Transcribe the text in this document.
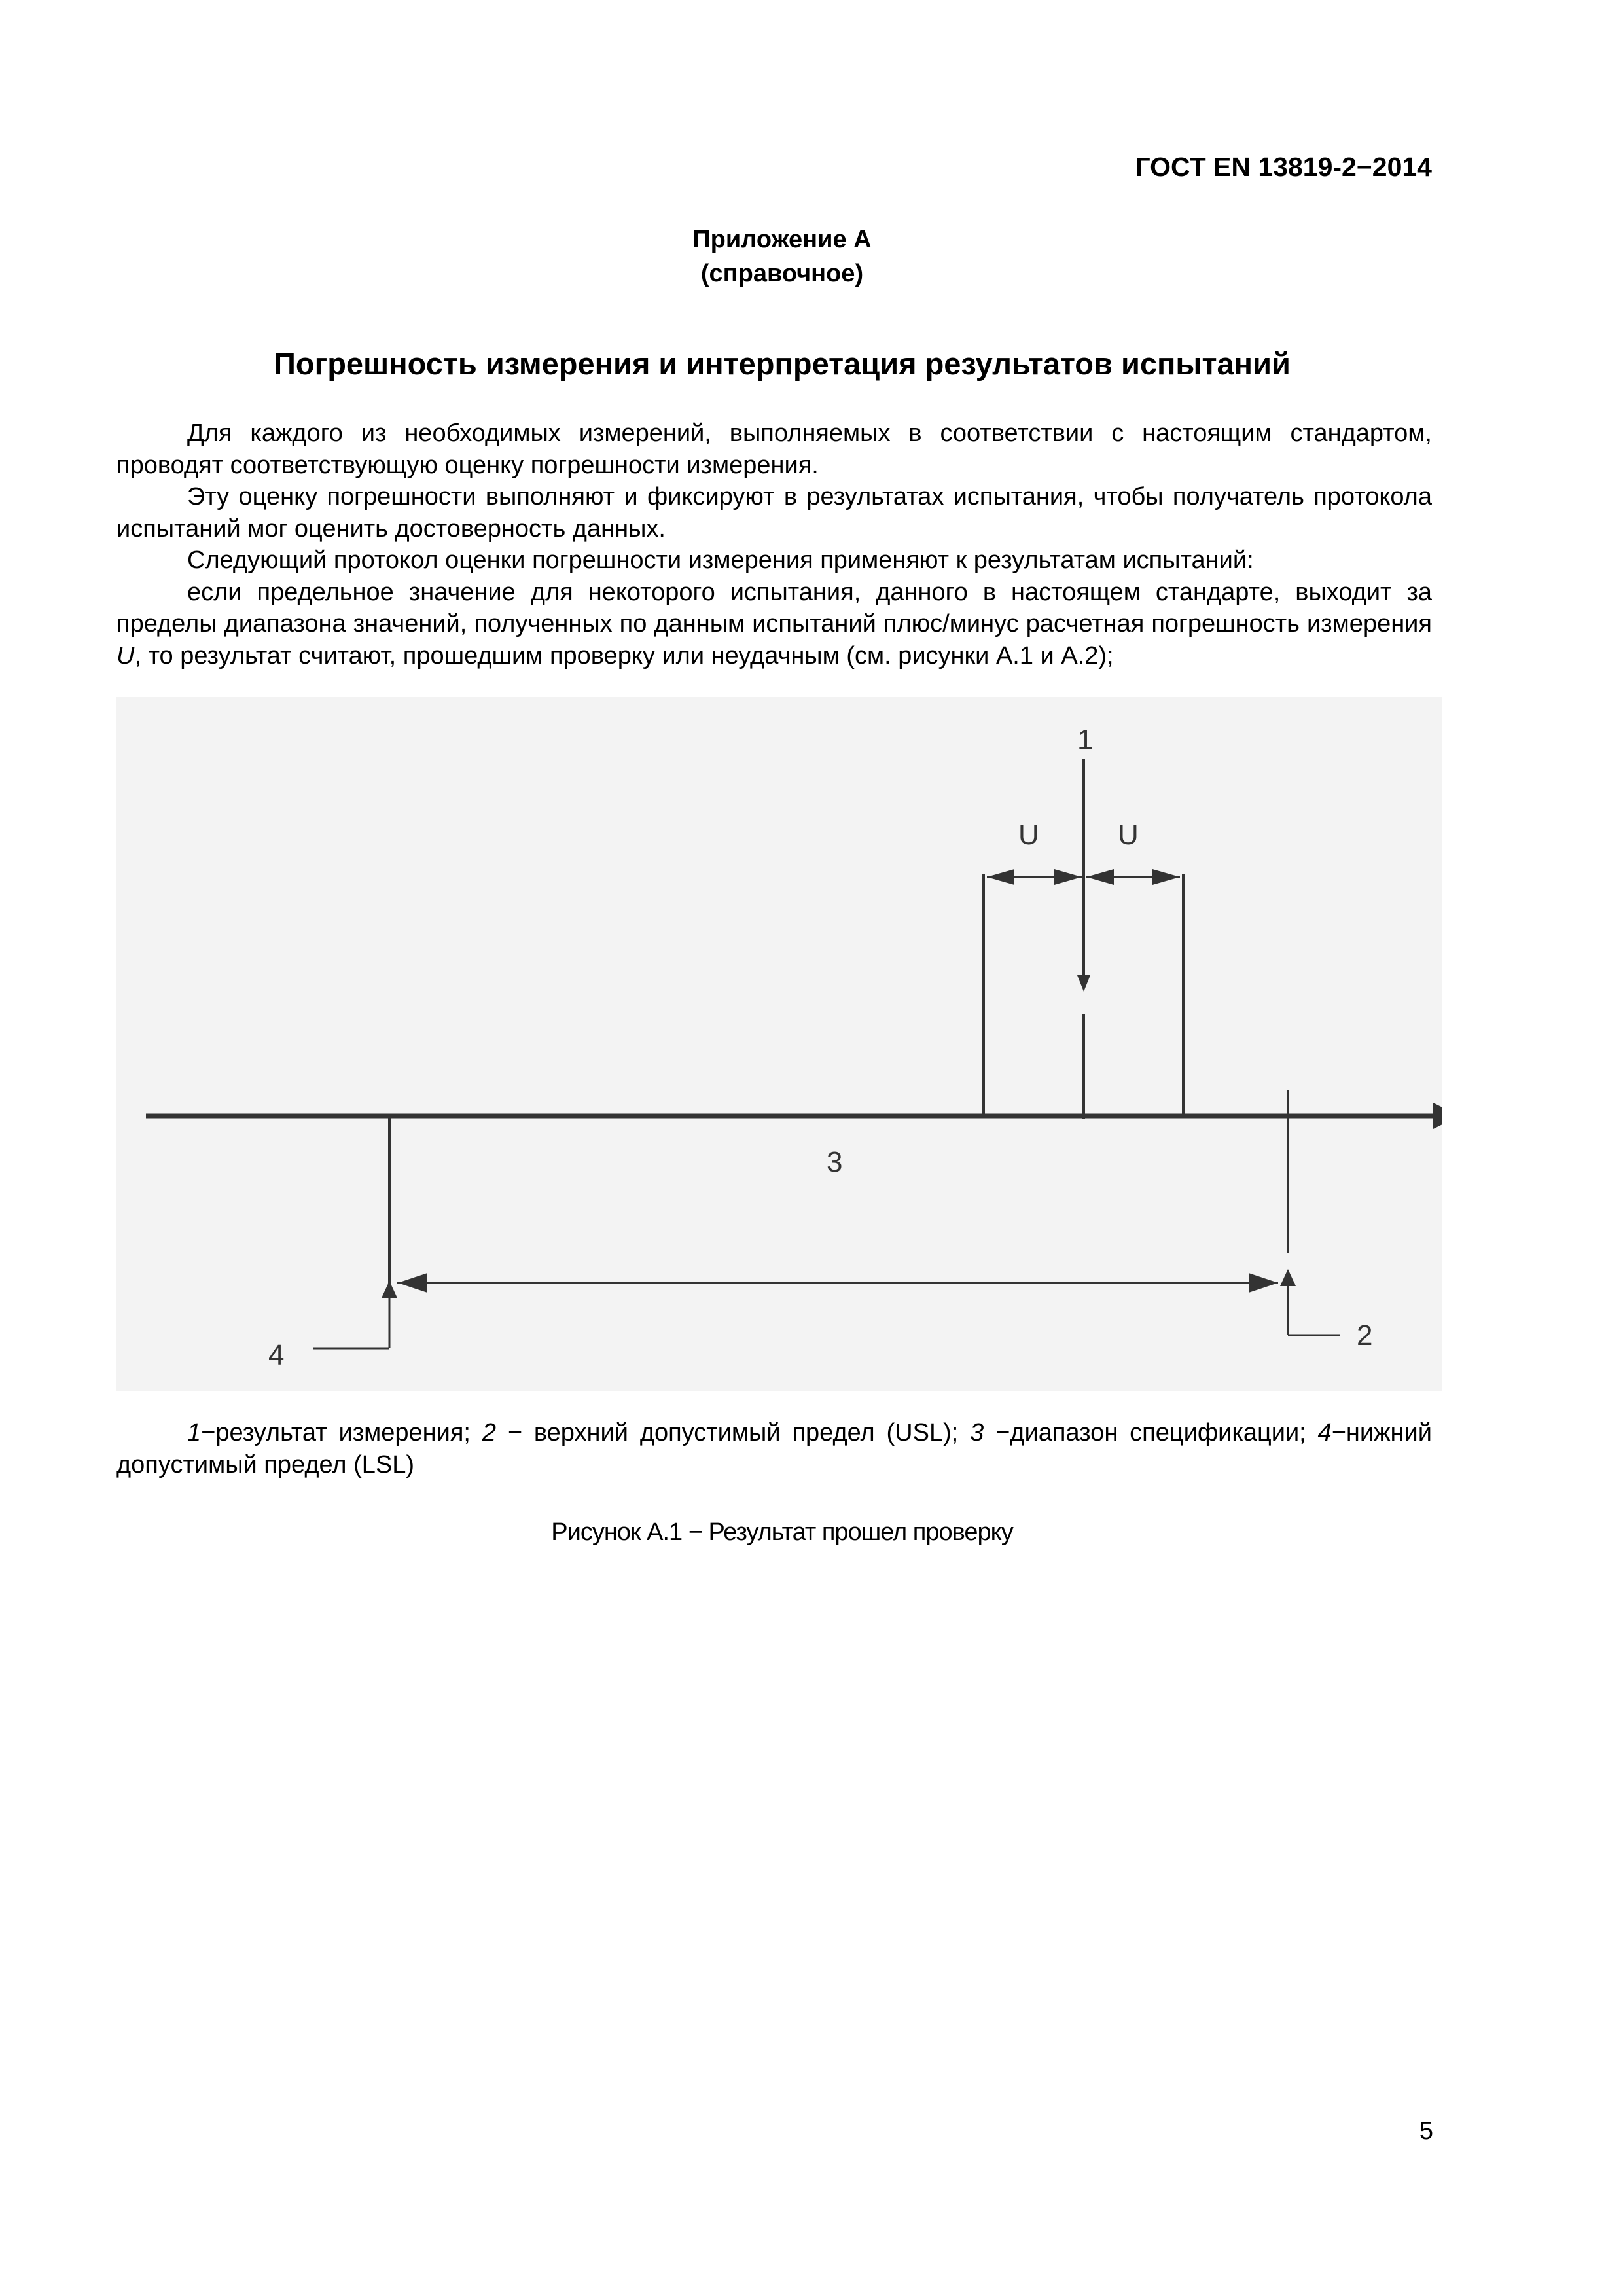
ГОСТ EN 13819-2−2014
Приложение А
(справочное)
Погрешность измерения и интерпретация результатов испытаний

Для каждого из необходимых измерений, выполняемых в соответствии с настоящим стандартом, проводят соответствующую оценку погрешности измерения.

Эту оценку погрешности выполняют и фиксируют в результатах испытания, чтобы получатель протокола испытаний мог оценить достоверность данных.

Следующий протокол оценки погрешности измерения применяют к результатам испытаний:

если предельное значение для некоторого испытания, данного в настоящем стандарте, выходит за пределы диапазона значений, полученных по данным испытаний плюс/минус расчетная погрешность измерения U, то результат считают, прошедшим проверку или неудачным (см. рисунки А.1 и А.2);

1
U	U
3
2
4

1−результат измерения; 2 − верхний допустимый предел (USL); 3 −диапазон спецификации; 4−нижний допустимый предел (LSL)

Рисунок А.1 − Результат прошел проверку
5
